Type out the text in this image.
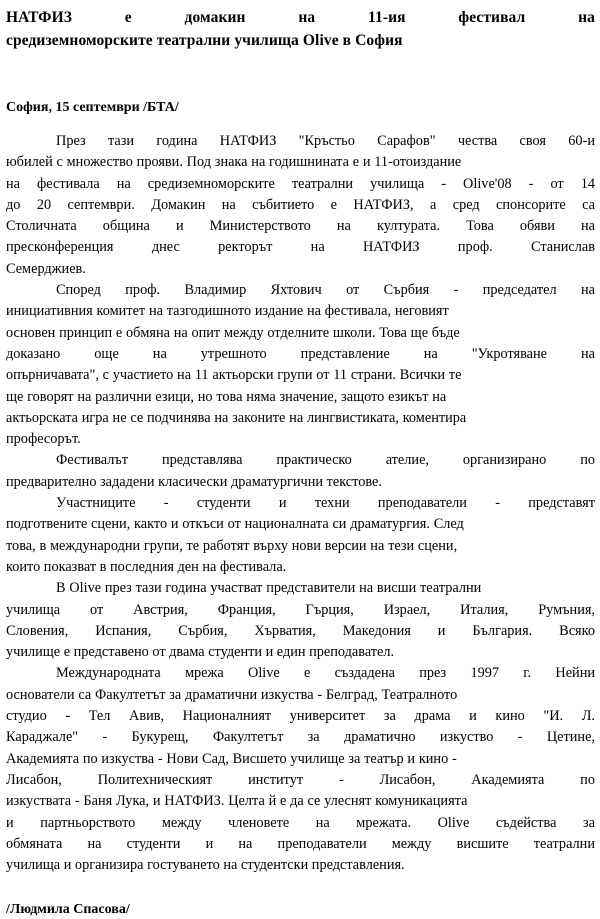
НАТФИЗ е домакин на 11-ия фестивал на
средиземноморските театрални училища Olive в София

София, 15 септември /БТА/

През тази година НАТФИЗ "Кръстьо Сарафов" чества своя 60-и
юбилей с множество прояви. Под знака на годишнината е и 11-отоиздание
на фестивала на средиземноморските театрални училища - Olive'08 - от 14
до 20 септември. Домакин на събитието е НАТФИЗ, а сред спонсорите са
Столичната община и Министерството на културата. Това обяви на
пресконференция днес ректорът на НАТФИЗ проф. Станислав
Семерджиев.

Според проф. Владимир Яхтович от Сърбия - председател на
инициативния комитет на тазгодишното издание на фестивала, неговият
основен принцип е обмяна на опит между отделните школи. Това ще бъде
доказано още на утрешното представление на "Укротяване на
опърничавата", с участието на 11 актьорски групи от 11 страни. Всички те
ще говорят на различни езици, но това няма значение, защото езикът на
актьорската игра не се подчинява на законите на лингвистиката, коментира
професорът.

Фестивалът представлява практическо ателие, организирано по
предварително зададени класически драматургични текстове.

Участниците - студенти и техни преподаватели - представят
подготвените сцени, както и откъси от националната си драматургия. След
това, в международни групи, те работят върху нови версии на тези сцени,
които показват в последния ден на фестивала.

В Olive през тази година участват представители на висши театрални
училища от Австрия, Франция, Гърция, Израел, Италия, Румъния,
Словения, Испания, Сърбия, Хърватия, Македония и България. Всяко
училище е представено от двама студенти и един преподавател.

Международната мрежа Olive е създадена през 1997 г. Нейни
основатели са Факултетът за драматични изкуства - Белград, Театралното
студио - Тел Авив, Националният университет за драма и кино "И. Л.
Караджале" - Букурещ, Факултетът за драматично изкуство - Цетине,
Академията по изкуства - Нови Сад, Висшето училище за театър и кино -
Лисабон, Политехническият институт - Лисабон, Академията по
изкуствата - Баня Лука, и НАТФИЗ. Целта й е да се улеснят комуникацията
и партньорството между членовете на мрежата. Olive съдейства за
обмяната на студенти и на преподаватели между висшите театрални
училища и организира гостуването на студентски представления.

/Людмила Спасова/
